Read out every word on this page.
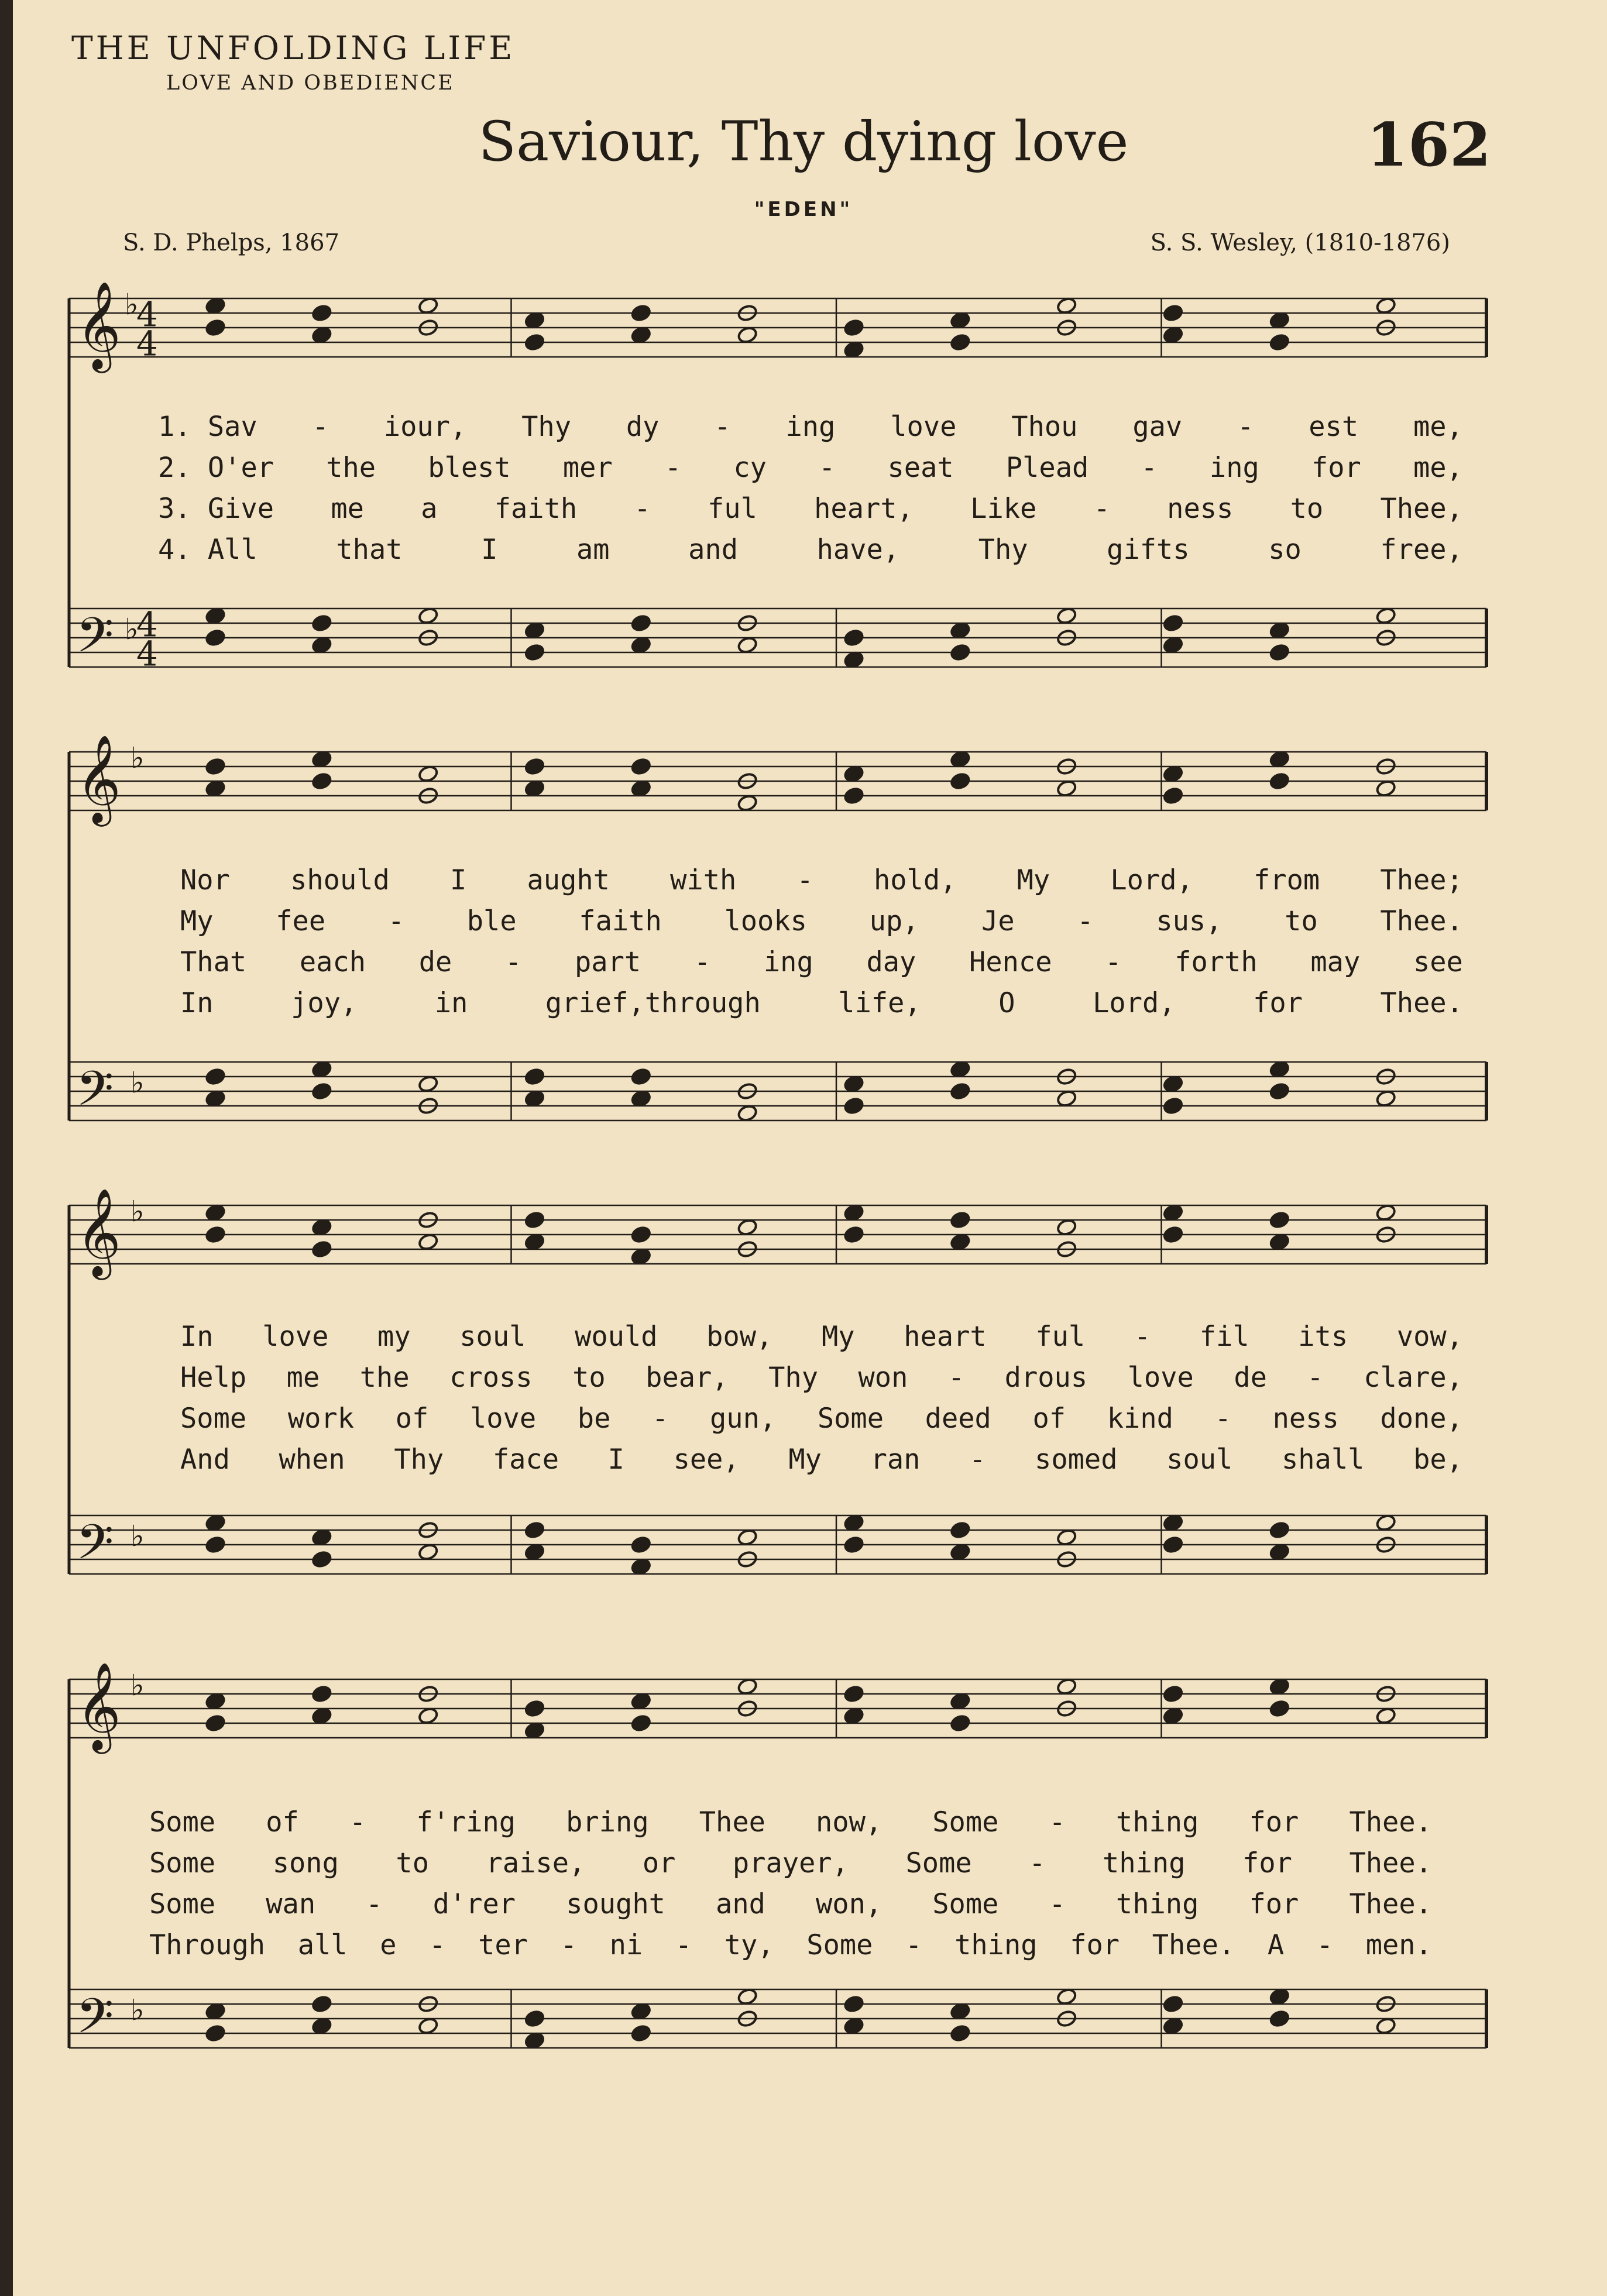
THE UNFOLDING LIFE
LOVE AND OBEDIENCE
Saviour, Thy dying love	162
"EDEN"
S. D. Phelps, 1867	S. S. Wesley, (1810-1876)
𝄞 4
4
♭
𝄢 4
4
♭
𝄞 ♭
𝄢 ♭
𝄞 ♭
𝄢 ♭
𝄞 ♭
𝄢 ♭
1. Sav - iour, Thy dy - ing love Thou gav - est me,
2. O'er the blest mer - cy - seat Plead - ing for me,
3. Give me a faith - ful heart, Like - ness to Thee,
4. All	that	I	am	and	have,	Thy	gifts	so	free,
Nor should I aught with - hold, My Lord, from Thee;
My fee - ble faith looks up, Je - sus, to Thee.
That each de - part - ing day Hence - forth may see
In	joy,	in	grief,through	life,	O	Lord,	for	Thee.
In love my soul would bow, My heart ful - fil its vow,
Help me the cross to bear, Thy won - drous love de - clare,
Some work of love be - gun, Some deed of kind - ness done,
And when Thy face I see, My ran - somed soul shall be,
Some of - f'ring bring Thee now, Some - thing for Thee.
Some song to raise, or prayer, Some - thing for Thee.
Some wan - d'rer sought and won, Some - thing for Thee.
Through all e - ter - ni - ty, Some - thing for Thee. A - men.
